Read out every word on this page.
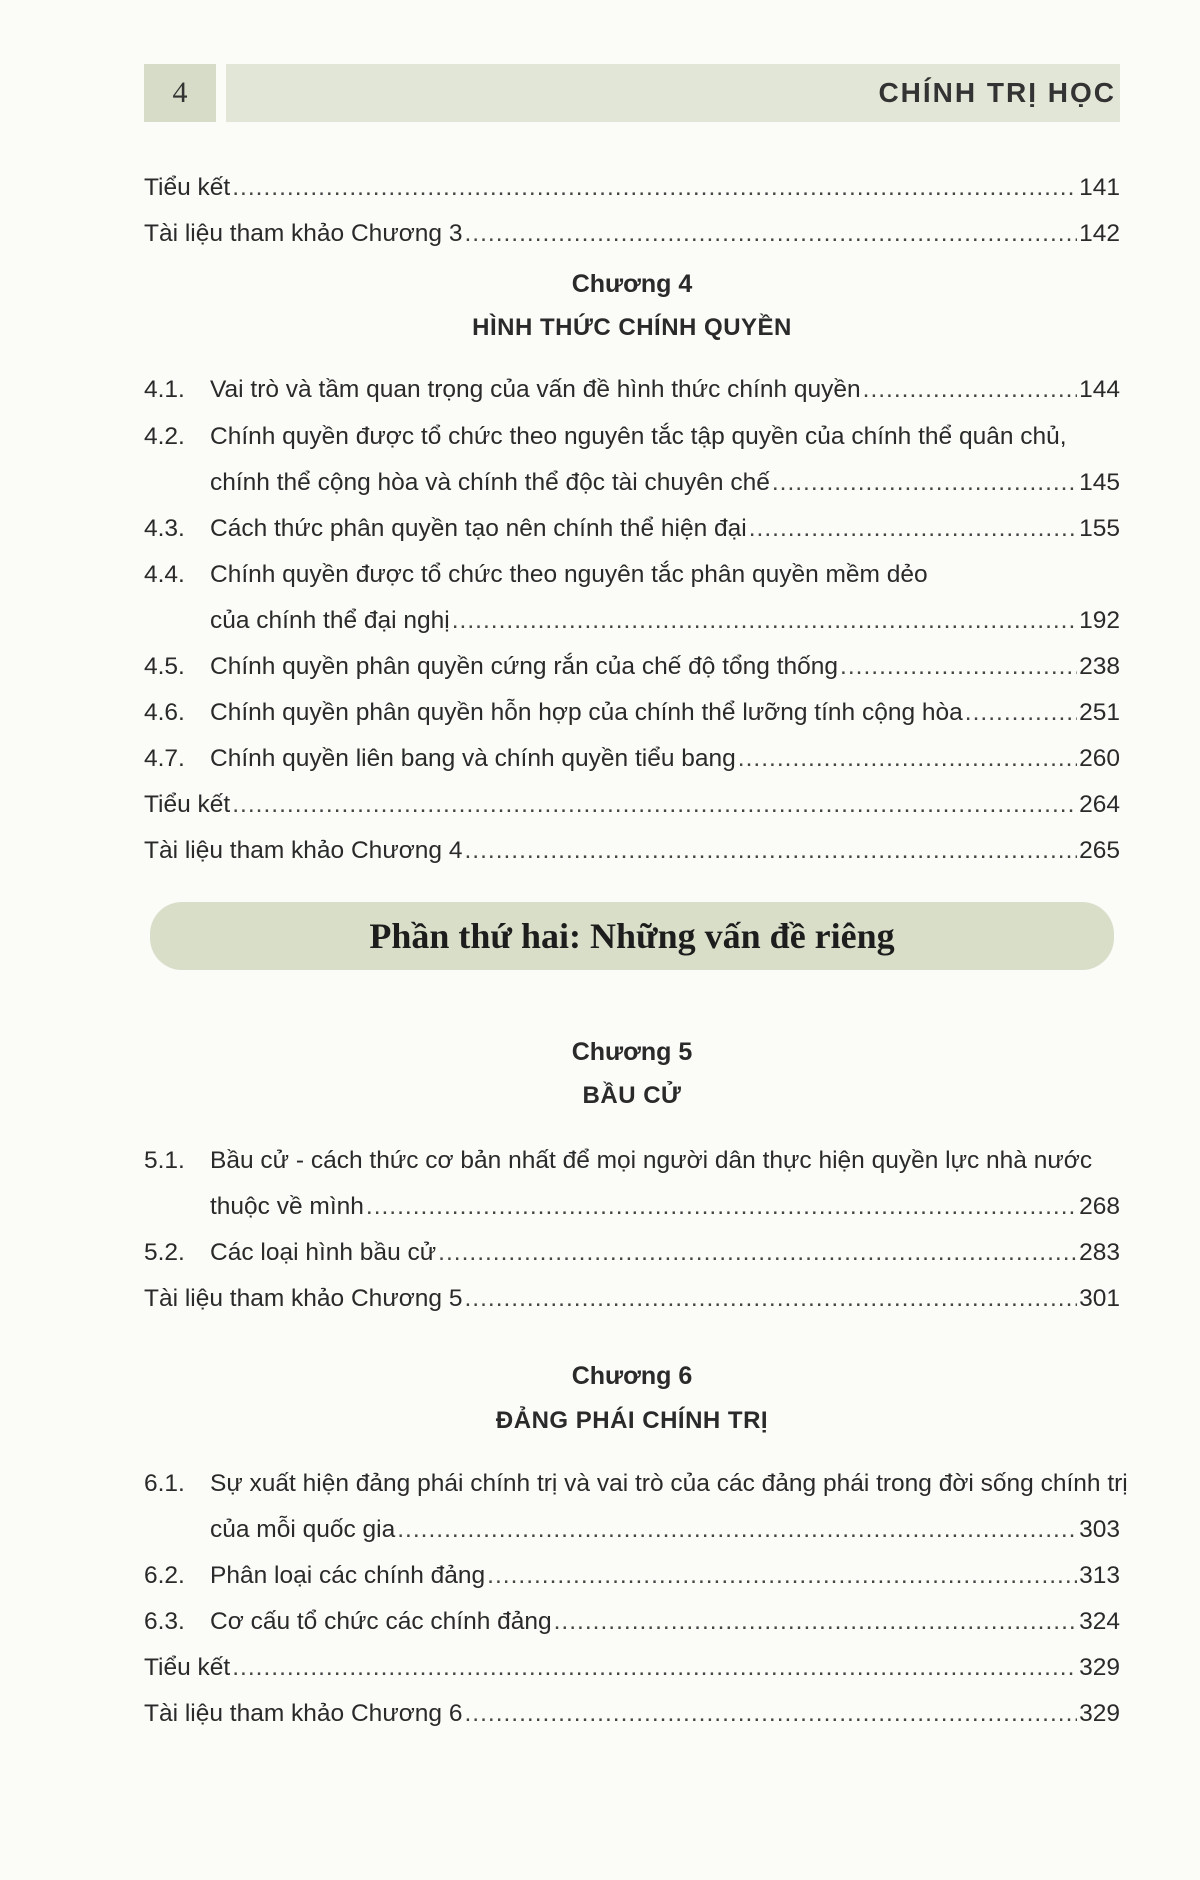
4	CHÍNH TRỊ HỌC
Tiểu kết .....	141
Tài liệu tham khảo Chương 3 .....	142
Chương 4
HÌNH THỨC CHÍNH QUYỀN
4.1.	Vai trò và tầm quan trọng của vấn đề hình thức chính quyền .....	144
4.2.	Chính quyền được tổ chức theo nguyên tắc tập quyền của chính thể quân chủ,
chính thể cộng hòa và chính thể độc tài chuyên chế .....	145
4.3.	Cách thức phân quyền tạo nên chính thể hiện đại .....	155
4.4.	Chính quyền được tổ chức theo nguyên tắc phân quyền mềm dẻo
của chính thể đại nghị .....	192
4.5.	Chính quyền phân quyền cứng rắn của chế độ tổng thống .....	238
4.6.	Chính quyền phân quyền hỗn hợp của chính thể lưỡng tính cộng hòa .....	251
4.7.	Chính quyền liên bang và chính quyền tiểu bang .....	260
Tiểu kết .....	264
Tài liệu tham khảo Chương 4 .....	265
Phần thứ hai: Những vấn đề riêng
Chương 5
BẦU CỬ
5.1.	Bầu cử - cách thức cơ bản nhất để mọi người dân thực hiện quyền lực nhà nước
thuộc về mình .....	268
5.2.	Các loại hình bầu cử .....	283
Tài liệu tham khảo Chương 5 .....	301
Chương 6
ĐẢNG PHÁI CHÍNH TRỊ
6.1.	Sự xuất hiện đảng phái chính trị và vai trò của các đảng phái trong đời sống chính trị
của mỗi quốc gia .....	303
6.2.	Phân loại các chính đảng .....	313
6.3.	Cơ cấu tổ chức các chính đảng .....	324
Tiểu kết .....	329
Tài liệu tham khảo Chương 6 .....	329
